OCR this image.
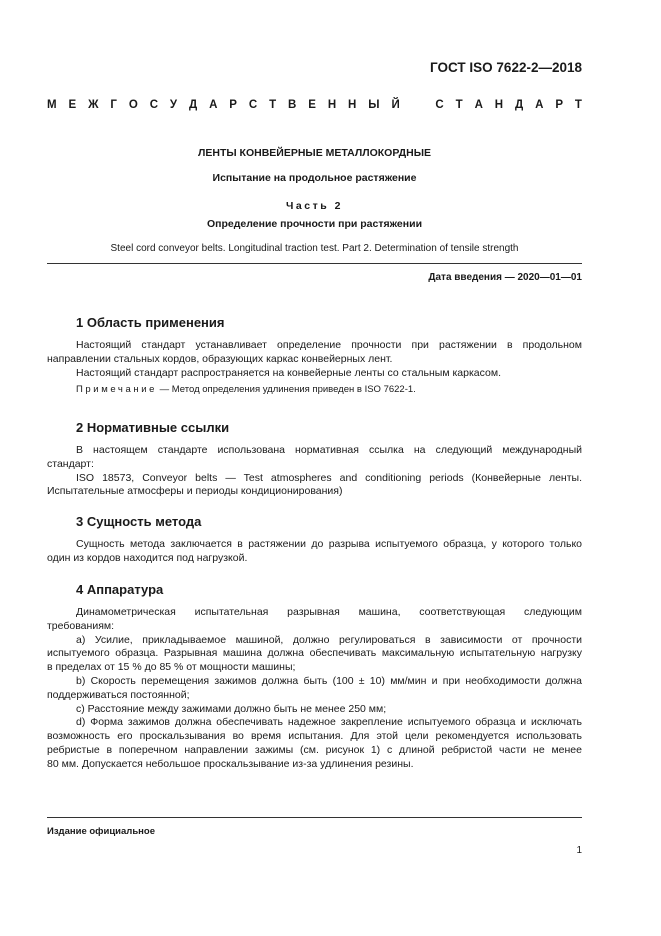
ГОСТ ISO 7622-2—2018
М Е Ж Г О С У Д А Р С Т В Е Н Н Ы Й	С Т А Н Д А Р Т
ЛЕНТЫ КОНВЕЙЕРНЫЕ МЕТАЛЛОКОРДНЫЕ
Испытание на продольное растяжение
Часть 2
Определение прочности при растяжении
Steel cord conveyor belts. Longitudinal traction test. Part 2. Determination of tensile strength
Дата введения — 2020—01—01
1 Область применения
Настоящий стандарт устанавливает определение прочности при растяжении в продольном
направлении стальных кордов, образующих каркас конвейерных лент.
Настоящий стандарт распространяется на конвейерные ленты со стальным каркасом.
Примечание — Метод определения удлинения приведен в ISO 7622-1.
2 Нормативные ссылки
В настоящем стандарте использована нормативная ссылка на следующий международный
стандарт:
ISO 18573, Conveyor belts — Test atmospheres and conditioning periods (Конвейерные ленты.
Испытательные атмосферы и периоды кондиционирования)
3 Сущность метода
Сущность метода заключается в растяжении до разрыва испытуемого образца, у которого только
один из кордов находится под нагрузкой.
4 Аппаратура
Динамометрическая испытательная разрывная машина, соответствующая следующим
требованиям:
a) Усилие, прикладываемое машиной, должно регулироваться в зависимости от прочности
испытуемого образца. Разрывная машина должна обеспечивать максимальную испытательную нагрузку
в пределах от 15 % до 85 % от мощности машины;
b) Скорость перемещения зажимов должна быть (100 ± 10) мм/мин и при необходимости должна
поддерживаться постоянной;
c) Расстояние между зажимами должно быть не менее 250 мм;
d) Форма зажимов должна обеспечивать надежное закрепление испытуемого образца и исключать
возможность его проскальзывания во время испытания. Для этой цели рекомендуется использовать
ребристые в поперечном направлении зажимы (см. рисунок 1) с длиной ребристой части не менее
80 мм. Допускается небольшое проскальзывание из-за удлинения резины.
Издание официальное
1
